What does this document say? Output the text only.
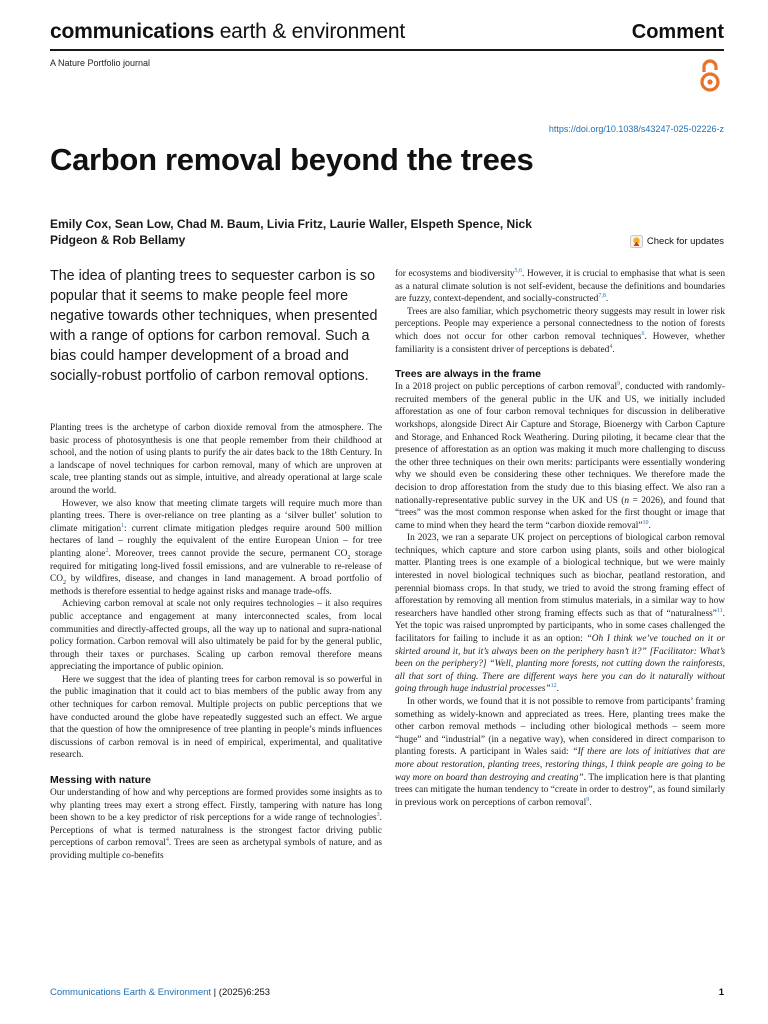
communications earth & environment	Comment
A Nature Portfolio journal
https://doi.org/10.1038/s43247-025-02226-z
Carbon removal beyond the trees
Emily Cox, Sean Low, Chad M. Baum, Livia Fritz, Laurie Waller, Elspeth Spence, Nick Pidgeon & Rob Bellamy	Check for updates
The idea of planting trees to sequester carbon is so popular that it seems to make people feel more negative towards other techniques, when presented with a range of options for carbon removal. Such a bias could hamper development of a broad and socially-robust portfolio of carbon removal options.

Planting trees is the archetype of carbon dioxide removal from the atmosphere. The basic process of photosynthesis is one that people remember from their childhood at school, and the notion of using plants to purify the air dates back to the 18th Century. In a landscape of novel techniques for carbon removal, many of which are unproven at scale, tree planting stands out as simple, intuitive, and already operational at large scale around the world.

However, we also know that meeting climate targets will require much more than planting trees. There is over-reliance on tree planting as a ‘silver bullet’ solution to climate mitigation$^1$: current climate mitigation pledges require around 500 million hectares of land – roughly the equivalent of the entire European Union – for tree planting alone$^2$. Moreover, trees cannot provide the secure, permanent $CO_2$ storage required for mitigating long-lived fossil emissions, and are vulnerable to re-release of $CO_2$ by wildfires, disease, and changes in land management. A broad portfolio of methods is therefore essential to hedge against risks and manage trade-offs.

Achieving carbon removal at scale not only requires technologies – it also requires public acceptance and engagement at many interconnected scales, from local communities and directly-affected groups, all the way up to national and supra-national policy formation. Carbon removal will also ultimately be paid for by the general public, through their taxes or purchases. Scaling up carbon removal therefore means appreciating the importance of public opinion.

Here we suggest that the idea of planting trees for carbon removal is so powerful in the public imagination that it could act to bias members of the public away from any other techniques for carbon removal. Multiple projects on public perceptions that we have conducted around the globe have repeatedly suggested such an effect. We argue that the question of how the omnipresence of tree planting in people’s minds influences discussions of carbon removal is in need of empirical, experimental, and qualitative research.

Messing with nature

Our understanding of how and why perceptions are formed provides some insights as to why planting trees may exert a strong effect. Firstly, tampering with nature has long been shown to be a key predictor of risk perceptions for a wide range of technologies$^3$. Perceptions of what is termed naturalness is the strongest factor driving public perceptions of carbon removal$^4$. Trees are seen as archetypal symbols of nature, and as providing multiple co-benefits

for ecosystems and biodiversity$^{5,6}$. However, it is crucial to emphasise that what is seen as a natural climate solution is not self-evident, because the definitions and boundaries are fuzzy, context-dependent, and socially-constructed$^{7,8}$.

Trees are also familiar, which psychometric theory suggests may result in lower risk perceptions. People may experience a personal connectedness to the notion of forests which does not occur for other carbon removal techniques$^6$. However, whether familiarity is a consistent driver of perceptions is debated$^4$.

Trees are always in the frame

In a 2018 project on public perceptions of carbon removal$^9$, conducted with randomly-recruited members of the general public in the UK and US, we initially included afforestation as one of four carbon removal techniques for discussion in deliberative workshops, alongside Direct Air Capture and Storage, Bioenergy with Carbon Capture and Storage, and Enhanced Rock Weathering. During piloting, it became clear that the presence of afforestation as an option was making it much more challenging to discuss the other three techniques on their own merits: participants were essentially wondering why we should even be considering these other techniques. We therefore made the decision to drop afforestation from the study due to this biasing effect. We also ran a nationally-representative public survey in the UK and US (n = 2026), and found that “trees” was the most common response when asked for the first thought or image that came to mind when they heard the term “carbon dioxide removal”$^{10}$.

In 2023, we ran a separate UK project on perceptions of biological carbon removal techniques, which capture and store carbon using plants, soils and other biological matter. Planting trees is one example of a biological technique, but we were mainly interested in novel biological techniques such as biochar, peatland restoration, and perennial biomass crops. In that study, we tried to avoid the strong framing effect of afforestation by removing all mention from stimulus materials, in a similar way to how researchers have handled other strong framing effects such as that of “naturalness”$^{11}$. Yet the topic was raised unprompted by participants, who in some cases challenged the facilitators for failing to include it as an option: “Oh I think we’ve touched on it or skirted around it, but it’s always been on the periphery hasn’t it?” [Facilitator: What’s been on the periphery?] “Well, planting more forests, not cutting down the rainforests, all that sort of thing. There are different ways here you can do it naturally without going through huge industrial processes”$^{12}$.

In other words, we found that it is not possible to remove from participants’ framing something as widely-known and appreciated as trees. Here, planting trees make the other carbon removal methods – including other biological methods – seem more “huge” and “industrial” (in a negative way), when considered in direct comparison to planting forests. A participant in Wales said: “If there are lots of initiatives that are more about restoration, planting trees, restoring things, I think people are going to be way more on board than destroying and creating”. The implication here is that planting trees can mitigate the human tendency to “create in order to destroy”, as found similarly in previous work on perceptions of carbon removal$^9$.

Communications Earth & Environment | (2025)6:253	1
